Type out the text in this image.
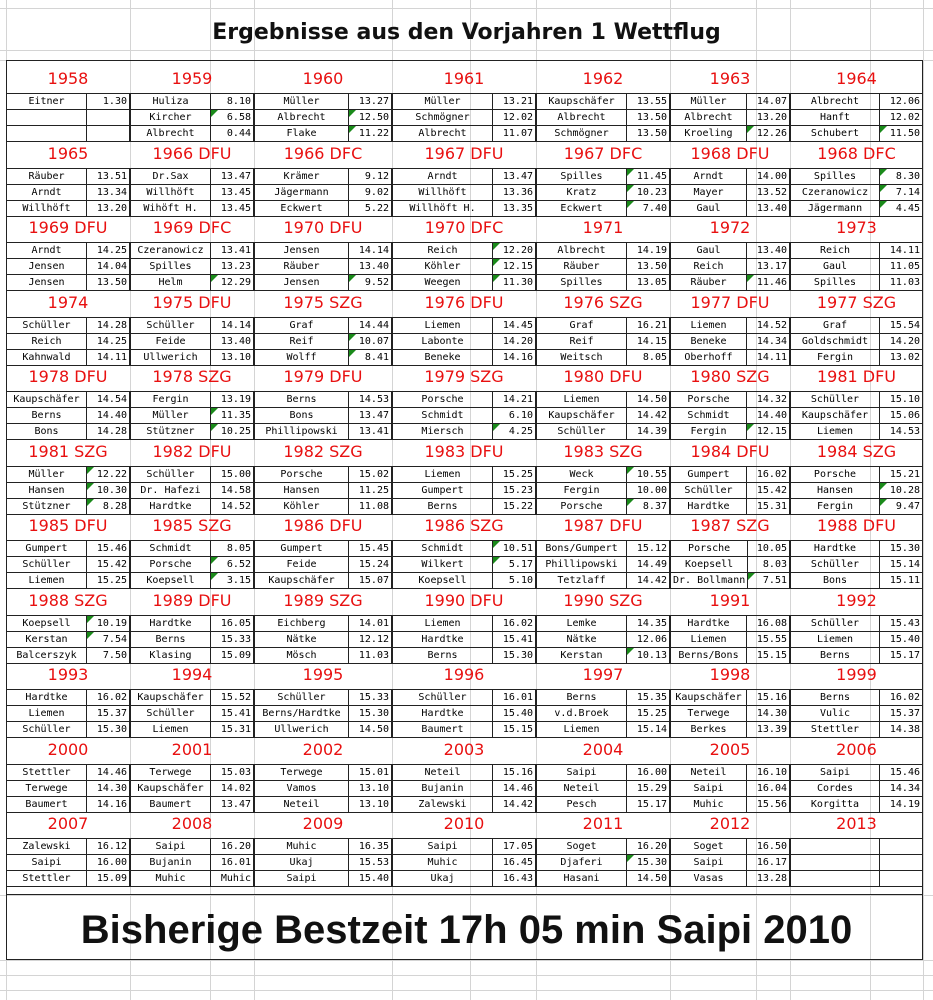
Ergebnisse aus den Vorjahren 1 Wettflug
1958
Eitner	1.30

1959
Huliza	8.10
Kircher	6.58
Albrecht	0.44
1960
Müller	13.27
Albrecht	12.50
Flake	11.22
1961
Müller	13.21
Schmögner	12.02
Albrecht	11.07
1962
Kaupschäfer	13.55
Albrecht	13.50
Schmögner	13.50
1963
Müller	14.07
Albrecht	13.20
Kroeling	12.26
1964
Albrecht	12.06
Hanft	12.02
Schubert	11.50
1965
Räuber	13.51
Arndt	13.34
Willhöft	13.20
1966 DFU
Dr.Sax	13.47
Willhöft	13.45
Wihöft H.	13.45
1966 DFC
Krämer	9.12
Jägermann	9.02
Eckwert	5.22
1967 DFU
Arndt	13.47
Willhöft	13.36
Willhöft H.	13.35
1967 DFC
Spilles	11.45
Kratz	10.23
Eckwert	7.40
1968 DFU
Arndt	14.00
Mayer	13.52
Gaul	13.40
1968 DFC
Spilles	8.30
Czeranowicz	7.14
Jägermann	4.45
1969 DFU
Arndt	14.25
Jensen	14.04
Jensen	13.50
1969 DFC
Czeranowicz	13.41
Spilles	13.23
Helm	12.29
1970 DFU
Jensen	14.14
Räuber	13.40
Jensen	9.52
1970 DFC
Reich	12.20
Köhler	12.15
Weegen	11.30
1971
Albrecht	14.19
Räuber	13.50
Spilles	13.05
1972
Gaul	13.40
Reich	13.17
Räuber	11.46
1973
Reich	14.11
Gaul	11.05
Spilles	11.03
1974
Schüller	14.28
Reich	14.25
Kahnwald	14.11
1975 DFU
Schüller	14.14
Feide	13.40
Ullwerich	13.10
1975 SZG
Graf	14.44
Reif	10.07
Wolff	8.41
1976 DFU
Liemen	14.45
Labonte	14.20
Beneke	14.16
1976 SZG
Graf	16.21
Reif	14.15
Weitsch	8.05
1977 DFU
Liemen	14.52
Beneke	14.34
Oberhoff	14.11
1977 SZG
Graf	15.54
Goldschmidt	14.20
Fergin	13.02
1978 DFU
Kaupschäfer	14.54
Berns	14.40
Bons	14.28
1978 SZG
Fergin	13.19
Müller	11.35
Stützner	10.25
1979 DFU
Berns	14.53
Bons	13.47
Phillipowski	13.41
1979 SZG
Porsche	14.21
Schmidt	6.10
Miersch	4.25
1980 DFU
Liemen	14.50
Kaupschäfer	14.42
Schüller	14.39
1980 SZG
Porsche	14.32
Schmidt	14.40
Fergin	12.15
1981 DFU
Schüller	15.10
Kaupschäfer	15.06
Liemen	14.53
1981 SZG
Müller	12.22
Hansen	10.30
Stützner	8.28
1982 DFU
Schüller	15.00
Dr. Hafezi	14.58
Hardtke	14.52
1982 SZG
Porsche	15.02
Hansen	11.25
Köhler	11.08
1983 DFU
Liemen	15.25
Gumpert	15.23
Berns	15.22
1983 SZG
Weck	10.55
Fergin	10.00
Porsche	8.37
1984 DFU
Gumpert	16.02
Schüller	15.42
Hardtke	15.31
1984 SZG
Porsche	15.21
Hansen	10.28
Fergin	9.47
1985 DFU
Gumpert	15.46
Schüller	15.42
Liemen	15.25
1985 SZG
Schmidt	8.05
Porsche	6.52
Koepsell	3.15
1986 DFU
Gumpert	15.45
Feide	15.24
Kaupschäfer	15.07
1986 SZG
Schmidt	10.51
Wilkert	5.17
Koepsell	5.10
1987 DFU
Bons/Gumpert	15.12
Phillipowski	14.49
Tetzlaff	14.42
1987 SZG
Porsche	10.05
Koepsell	8.03
Dr. Bollmann	7.51
1988 DFU
Hardtke	15.30
Schüller	15.14
Bons	15.11
1988 SZG
Koepsell	10.19
Kerstan	7.54
Balcerszyk	7.50
1989 DFU
Hardtke	16.05
Berns	15.33
Klasing	15.09
1989 SZG
Eichberg	14.01
Nätke	12.12
Mösch	11.03
1990 DFU
Liemen	16.02
Hardtke	15.41
Berns	15.30
1990 SZG
Lemke	14.35
Nätke	12.06
Kerstan	10.13
1991
Hardtke	16.08
Liemen	15.55
Berns/Bons	15.15
1992
Schüller	15.43
Liemen	15.40
Berns	15.17
1993
Hardtke	16.02
Liemen	15.37
Schüller	15.30
1994
Kaupschäfer	15.52
Schüller	15.41
Liemen	15.31
1995
Schüller	15.33
Berns/Hardtke	15.30
Ullwerich	14.50
1996
Schüller	16.01
Hardtke	15.40
Baumert	15.15
1997
Berns	15.35
v.d.Broek	15.25
Liemen	15.14
1998
Kaupschäfer	15.16
Terwege	14.30
Berkes	13.39
1999
Berns	16.02
Vulic	15.37
Stettler	14.38
2000
Stettler	14.46
Terwege	14.30
Baumert	14.16
2001
Terwege	15.03
Kaupschäfer	14.02
Baumert	13.47
2002
Terwege	15.01
Vamos	13.10
Neteil	13.10
2003
Neteil	15.16
Bujanin	14.46
Zalewski	14.42
2004
Saipi	16.00
Neteil	15.29
Pesch	15.17
2005
Neteil	16.10
Saipi	16.04
Muhic	15.56
2006
Saipi	15.46
Cordes	14.34
Korgitta	14.19
2007
Zalewski	16.12
Saipi	16.00
Stettler	15.09
2008
Saipi	16.20
Bujanin	16.01
Muhic	Muhic
2009
Muhic	16.35
Ukaj	15.53
Saipi	15.40
2010
Saipi	17.05
Muhic	16.45
Ukaj	16.43
2011
Soget	16.20
Djaferi	15.30
Hasani	14.50
2012
Soget	16.50
Saipi	16.17
Vasas	13.28
2013

Bisherige Bestzeit 17h 05 min Saipi 2010
